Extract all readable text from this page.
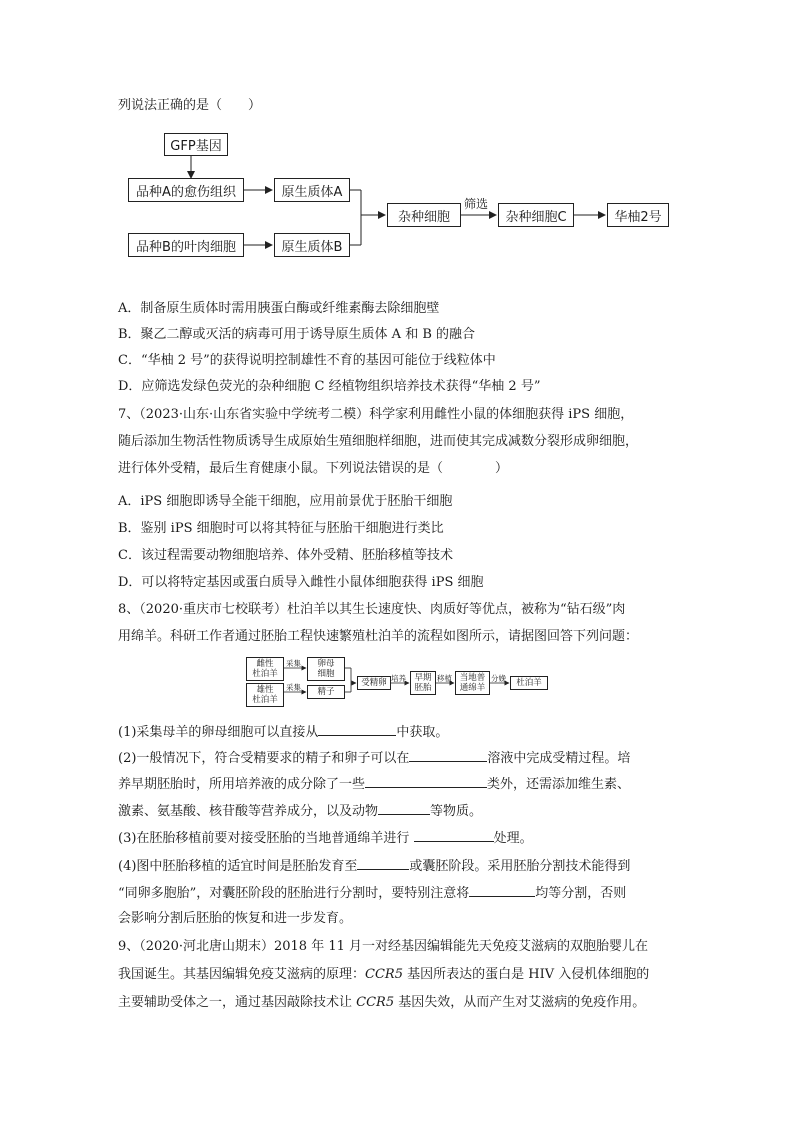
列说法正确的是（　　）
GFP基因
品种A的愈伤组织	原生质体A
品种B的叶肉细胞	原生质体B
杂种细胞
筛选
杂种细胞C	华柚2号
A．制备原生质体时需用胰蛋白酶或纤维素酶去除细胞壁
B．聚乙二醇或灭活的病毒可用于诱导原生质体 A 和 B 的融合
C．“华柚 2 号”的获得说明控制雄性不育的基因可能位于线粒体中
D．应筛选发绿色荧光的杂种细胞 C 经植物组织培养技术获得“华柚 2 号”
7、（2023·山东·山东省实验中学统考二模）科学家利用雌性小鼠的体细胞获得 iPS 细胞，
随后添加生物活性物质诱导生成原始生殖细胞样细胞，进而使其完成减数分裂形成卵细胞，
进行体外受精，最后生育健康小鼠。下列说法错误的是（　　　　）
A．iPS 细胞即诱导全能干细胞，应用前景优于胚胎干细胞
B．鉴别 iPS 细胞时可以将其特征与胚胎干细胞进行类比
C．该过程需要动物细胞培养、体外受精、胚胎移植等技术
D．可以将特定基因或蛋白质导入雌性小鼠体细胞获得 iPS 细胞
8、（2020·重庆市七校联考）杜泊羊以其生长速度快、肉质好等优点，被称为“钻石级”肉
用绵羊。科研工作者通过胚胎工程快速繁殖杜泊羊的流程如图所示，请据图回答下列问题：
雌性
杜泊羊
雄性
杜泊羊
采集
采集
卵母
细胞
精子
受精卵 培养 早期
胚胎
移植 当地普
通绵羊
分娩	杜泊羊
(1)采集母羊的卵母细胞可以直接从	中获取。
(2)一般情况下，符合受精要求的精子和卵子可以在	溶液中完成受精过程。培
养早期胚胎时，所用培养液的成分除了一些	类外，还需添加维生素、
激素、氨基酸、核苷酸等营养成分，以及动物	等物质。
(3)在胚胎移植前要对接受胚胎的当地普通绵羊进行	处理。
(4)图中胚胎移植的适宜时间是胚胎发育至	或囊胚阶段。采用胚胎分割技术能得到
“同卵多胞胎”，对囊胚阶段的胚胎进行分割时，要特别注意将	均等分割，否则
会影响分割后胚胎的恢复和进一步发育。
9、（2020·河北唐山期末）2018 年 11 月一对经基因编辑能先天免疫艾滋病的双胞胎婴儿在
我国诞生。其基因编辑免疫艾滋病的原理：CCR5 基因所表达的蛋白是 HIV 入侵机体细胞的
主要辅助受体之一，通过基因敲除技术让 CCR5 基因失效，从而产生对艾滋病的免疫作用。
